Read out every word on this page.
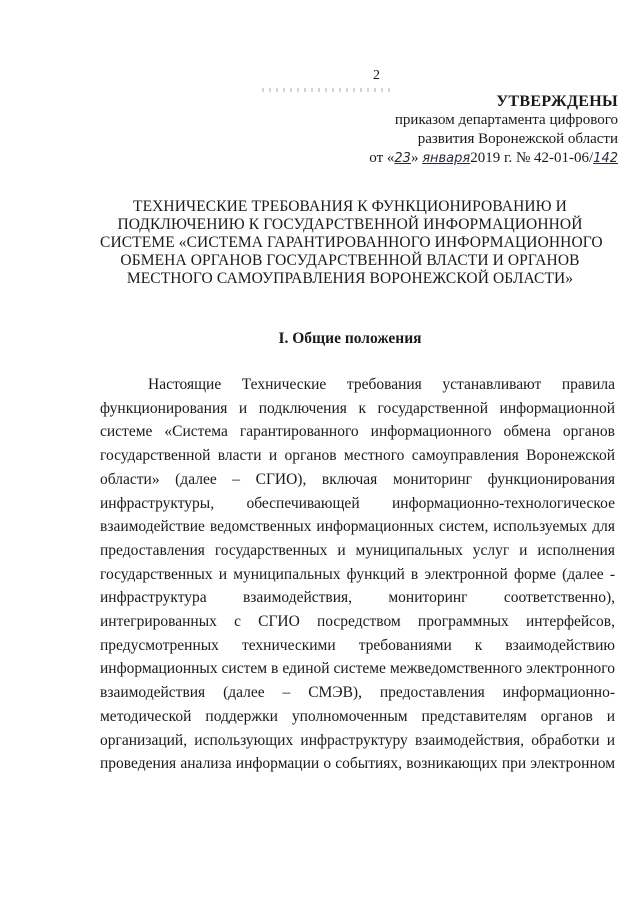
2
УТВЕРЖДЕНЫ
приказом департамента цифрового
развития Воронежской области
от «23» января2019 г. № 42-01-06/142
ТЕХНИЧЕСКИЕ ТРЕБОВАНИЯ К ФУНКЦИОНИРОВАНИЮ И
ПОДКЛЮЧЕНИЮ К ГОСУДАРСТВЕННОЙ ИНФОРМАЦИОННОЙ
СИСТЕМЕ «СИСТЕМА ГАРАНТИРОВАННОГО ИНФОРМАЦИОННОГО
ОБМЕНА ОРГАНОВ ГОСУДАРСТВЕННОЙ ВЛАСТИ И ОРГАНОВ
МЕСТНОГО САМОУПРАВЛЕНИЯ ВОРОНЕЖСКОЙ ОБЛАСТИ»
I. Общие положения
Настоящие Технические требования устанавливают правила
функционирования и подключения к государственной информационной
системе «Система гарантированного информационного обмена органов
государственной власти и органов местного самоуправления Воронежской
области» (далее – СГИО), включая мониторинг функционирования
инфраструктуры, обеспечивающей информационно-технологическое
взаимодействие ведомственных информационных систем, используемых для
предоставления государственных и муниципальных услуг и исполнения
государственных и муниципальных функций в электронной форме (далее -
инфраструктура взаимодействия, мониторинг соответственно),
интегрированных с СГИО посредством программных интерфейсов,
предусмотренных техническими требованиями к взаимодействию
информационных систем в единой системе межведомственного электронного
взаимодействия (далее – СМЭВ), предоставления информационно-
методической поддержки уполномоченным представителям органов и
организаций, использующих инфраструктуру взаимодействия, обработки и
проведения анализа информации о событиях, возникающих при электронном
